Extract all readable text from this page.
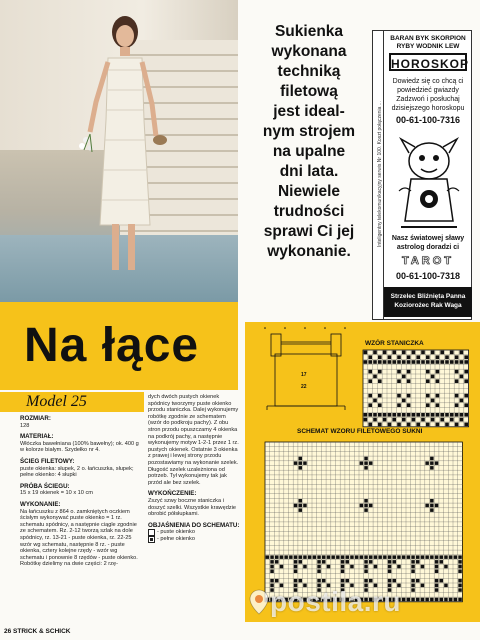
Sukienka
wykonana
techniką
filetową
jest ideal-
nym strojem
na upalne
dni lata.
Niewiele
trudności
sprawi Ci jej
wykonanie.
Inteligentny telekomunikacyjny serwis Nr 100. Koszt połączenia ...
BARAN BYK SKORPION
RYBY WODNIK LEW
HOROSKOP
Dowiedz się co chcą ci
powiedzieć gwiazdy
Zadzwoń i posłuchaj
dzisiejszego horoskopu
00-61-100-7316
Nasz światowej sławy
astrolog doradzi ci
TAROT
00-61-100-7318
Strzelec Bliźnięta Panna
Koziorożec Rak Waga
Na łące	WZÓR STANICZKA
SCHEMAT WZORU FILETOWEGO SUKNI
17
22
Model 25
ROZMIAR:
128
MATERIAŁ:
Włóczka bawełniana (100% bawełny); ok. 400 g w kolorze białym. Szydełko nr 4.
ŚCIEG FILETOWY:
puste okienka: słupek, 2 o. łańcuszka, słupek; pełne okienko: 4 słupki
PRÓBA ŚCIEGU:
15 x 19 okienek = 10 x 10 cm
WYKONANIE:
Na łańcuszku z 864 o. zamkniętych oczkiem ścisłym wykonywać puste okienko = 1 rz. schematu spódnicy, a następnie ciągle zgodnie ze schematem. Rz. 2-12 tworzą szlak na dole spódnicy, rz. 13-21 - puste okienka, rz. 22-25 wzór wg schematu, następnie 8 rz. - puste okienka, cztery kolejne rzędy - wzór wg schematu i ponownie 8 rzędów - puste okienko. Robótkę dzielimy na dwie części: 2 rzę-
dych dwóch pustych okienek spódnicy tworzymy puste okienko przodu staniczka. Dalej wykonujemy robótkę zgodnie ze schematem (wzór do podkroju pachy). Z obu stron przodu opuszczamy 4 okienka na podkrój pachy, a następnie wykonujemy motyw 1-2-1 przez 1 rz. pustych okienek. Ostatnie 3 okienka z prawej i lewej strony przodu pozostawiamy na wykonanie szelek. Długość szelek uzależniona od potrzeb. Tył wykonujemy tak jak przód ale bez szelek.
WYKOŃCZENIE:
Zszyć szwy boczne staniczka i doszyć szelki. Wszystkie krawędzie obrobić półsłupkami.
OBJAŚNIENIA DO SCHEMATU:
- puste okienko
- pełne okienko
26 STRICK & SCHICK
postila.ru
